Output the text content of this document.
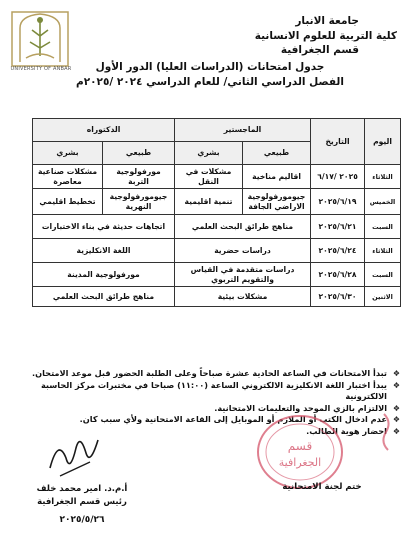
UNIVERSITY OF ANBAR
جامعة الانبار
كلية التربية للعلوم الانسانية
قسم الجغرافية
جدول امتحانات (الدراسات العليا) الدور الأول
الفصل الدراسي الثاني/ للعام الدراسي ٢٠٢٤ /٢٠٢٥م
اليوم	التاريخ	الماجستير		الدكتوراه	
		طبيعي	بشري	طبيعي	بشري
الثلاثاء	٢٠٢٥ /٦/١٧	اقاليم مناخية	مشكلات في النقل	مورفولوجية التربة	مشكلات صناعية معاصرة
الخميس	٢٠٢٥/٦/١٩	جيومورفولوجية الاراضي الجافة	تنمية اقليمية	جيومورفولوجية النهرية	تخطيط اقليمي
السبت	٢٠٢٥/٦/٢١	مناهج طرائق البحث العلمي		اتجاهات حديثة في بناء الاختبارات	
الثلاثاء	٢٠٢٥/٦/٢٤	دراسات حضرية		اللغة الانكليزية	
السبت	٢٠٢٥/٦/٢٨	دراسات متقدمة في القياس والتقويم التربوي		مورفولوجية المدينة	
الاثنين	٢٠٢٥/٦/٣٠	مشكلات بيئية		مناهج طرائق البحث العلمي	
❖ تبدأ الامتحانات في الساعة الحادية عشرة صباحاً وعلى الطلبة الحضور قبل موعد الامتحان.
❖ يبدأ اختبار اللغة الانكليزية الالكتروني الساعة (١١:٠٠) صباحا في مختبرات مركز الحاسبة الالكترونية
❖ الالتزام بالزي الموحد والتعليمات الامتحانية.
❖ عدم ادخال الكتب أو الملازم أو الموبايل إلى القاعة الامتحانية ولأي سبب كان.
❖ احضار هوية الطالب.
قسم
الجغرافية
ختم لجنة الامتحانية
أ.م.د. امير محمد خلف
رئيس قسم الجغرافية
٢٠٢٥/٥/٢٦
